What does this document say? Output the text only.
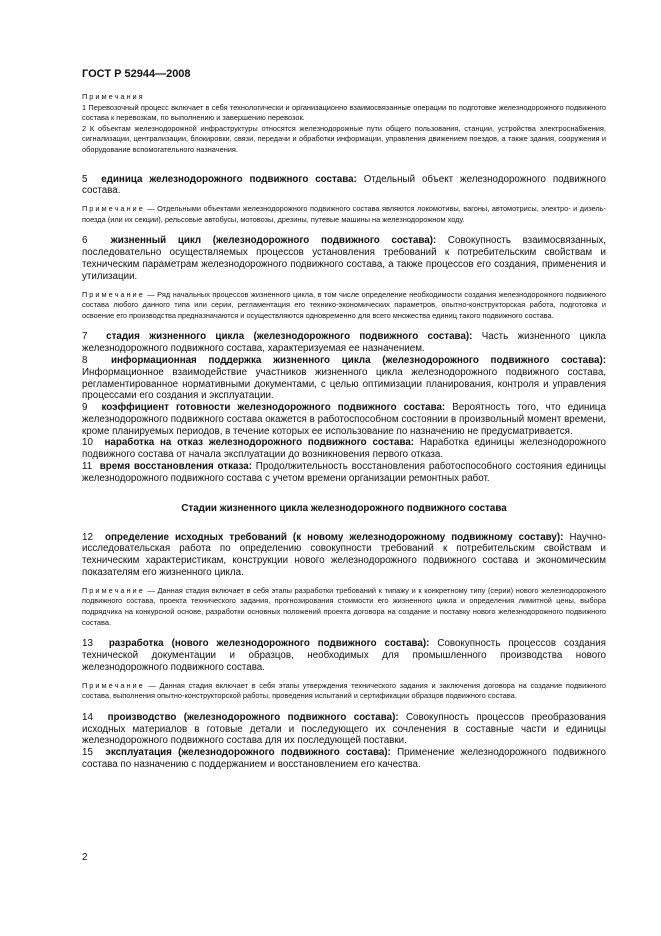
ГОСТ Р 52944—2008

Примечания

1 Перевозочный процесс включает в себя технологически и организационно взаимосвязанные операции по подготовке железнодорожного подвижного состава к перевозкам, по выполнению и завершению перевозок.

2 К объектам железнодорожной инфраструктуры относятся железнодорожные пути общего пользования, станции, устройства электроснабжения, сигнализации, централизации, блокировки, связи, передачи и обработки информации, управления движением поездов, а также здания, сооружения и оборудование вспомогательного назначения.

5 единица железнодорожного подвижного состава: Отдельный объект железнодорожного подвижного состава.

Примечание — Отдельными объектами железнодорожного подвижного состава являются локомотивы, вагоны, автомотрисы, электро- и дизель-поезда (или их секции), рельсовые автобусы, мотовозы, дрезины, путевые машины на железнодорожном ходу.

6 жизненный цикл (железнодорожного подвижного состава): Совокупность взаимосвязанных, последовательно осуществляемых процессов установления требований к потребительским свойствам и техническим параметрам железнодорожного подвижного состава, а также процессов его создания, применения и утилизации.

Примечание — Ряд начальных процессов жизненного цикла, в том числе определение необходимости создания железнодорожного подвижного состава любого данного типа или серии, регламентация его технико-экономических параметров, опытно-конструкторская работа, подготовка и освоение его производства предназначаются и осуществляются одновременно для всего множества единиц такого подвижного состава.

7 стадия жизненного цикла (железнодорожного подвижного состава): Часть жизненного цикла железнодорожного подвижного состава, характеризуемая ее назначением.

8 информационная поддержка жизненного цикла (железнодорожного подвижного состава): Информационное взаимодействие участников жизненного цикла железнодорожного подвижного состава, регламентированное нормативными документами, с целью оптимизации планирования, контроля и управления процессами его создания и эксплуатации.

9 коэффициент готовности железнодорожного подвижного состава: Вероятность того, что единица железнодорожного подвижного состава окажется в работоспособном состоянии в произвольный момент времени, кроме планируемых периодов, в течение которых ее использование по назначению не предусматривается.

10 наработка на отказ железнодорожного подвижного состава: Наработка единицы железнодорожного подвижного состава от начала эксплуатации до возникновения первого отказа.

11 время восстановления отказа: Продолжительность восстановления работоспособного состояния единицы железнодорожного подвижного состава с учетом времени организации ремонтных работ.

Стадии жизненного цикла железнодорожного подвижного состава

12 определение исходных требований (к новому железнодорожному подвижному составу): Научно-исследовательская работа по определению совокупности требований к потребительским свойствам и техническим характеристикам, конструкции нового железнодорожного подвижного состава и экономическим показателям его жизненного цикла.

Примечание — Данная стадия включает в себя этапы разработки требований к типажу и к конкретному типу (серии) нового железнодорожного подвижного состава, проекта технического задания, прогнозирования стоимости его жизненного цикла и определения лимитной цены, выбора подрядчика на конкурсной основе, разработки основных положений проекта договора на создание и поставку нового железнодорожного подвижного состава.

13 разработка (нового железнодорожного подвижного состава): Совокупность процессов создания технической документации и образцов, необходимых для промышленного производства нового железнодорожного подвижного состава.

Примечание — Данная стадия включает в себя этапы утверждения технического задания и заключения договора на создание подвижного состава, выполнения опытно-конструкторской работы, проведения испытаний и сертификации образцов подвижного состава.

14 производство (железнодорожного подвижного состава): Совокупность процессов преобразования исходных материалов в готовые детали и последующего их сочленения в составные части и единицы железнодорожного подвижного состава для их последующей поставки.

15 эксплуатация (железнодорожного подвижного состава): Применение железнодорожного подвижного состава по назначению с поддержанием и восстановлением его качества.

2
